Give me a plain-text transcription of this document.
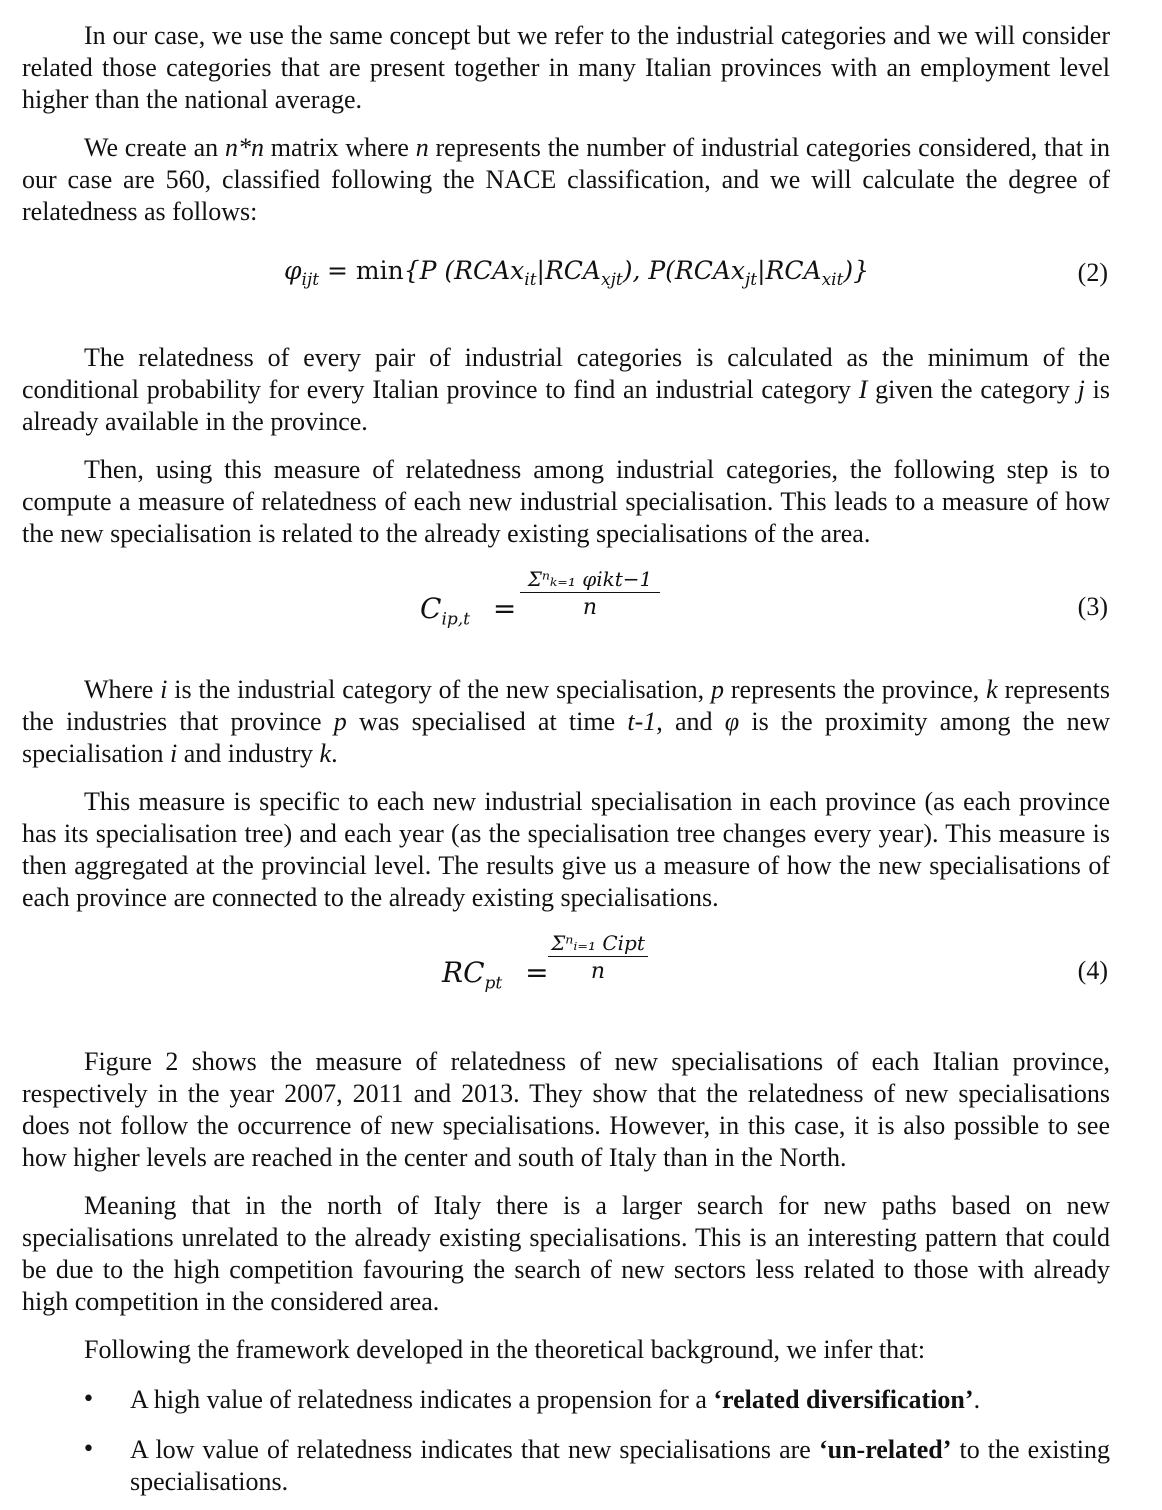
In our case, we use the same concept but we refer to the industrial categories and we will consider related those categories that are present together in many Italian provinces with an employment level higher than the national average.

We create an n*n matrix where n represents the number of industrial categories considered, that in our case are 560, classified following the NACE classification, and we will calculate the degree of relatedness as follows:

$\varphi_{ijt} = \min\{P$ $(RCAx_{it}|RCA_{xjt})$, $P(RCAx_{jt}|RCA_{xit})$}	(2)

The relatedness of every pair of industrial categories is calculated as the minimum of the conditional probability for every Italian province to find an industrial category I given the category j is already available in the province.

Then, using this measure of relatedness among industrial categories, the following step is to compute a measure of relatedness of each new industrial specialisation. This leads to a measure of how the new specialisation is related to the already existing specialisations of the area.

$C_{ip,t}$ =
Σⁿₖ₌₁ φikt−1
n	(3)

Where i is the industrial category of the new specialisation, p represents the province, k represents the industries that province p was specialised at time t-1, and φ is the proximity among the new specialisation i and industry k.

This measure is specific to each new industrial specialisation in each province (as each province has its specialisation tree) and each year (as the specialisation tree changes every year). This measure is then aggregated at the provincial level. The results give us a measure of how the new specialisations of each province are connected to the already existing specialisations.

$RC_{pt}$ =
Σⁿᵢ₌₁ Cipt
n	(4)

Figure 2 shows the measure of relatedness of new specialisations of each Italian province, respectively in the year 2007, 2011 and 2013. They show that the relatedness of new specialisations does not follow the occurrence of new specialisations. However, in this case, it is also possible to see how higher levels are reached in the center and south of Italy than in the North.

Meaning that in the north of Italy there is a larger search for new paths based on new specialisations unrelated to the already existing specialisations. This is an interesting pattern that could be due to the high competition favouring the search of new sectors less related to those with already high competition in the considered area.

Following the framework developed in the theoretical background, we infer that:

• A high value of relatedness indicates a propension for a ‘related diversification’.
• A low value of relatedness indicates that new specialisations are ‘un-related’ to the existing specialisations.
